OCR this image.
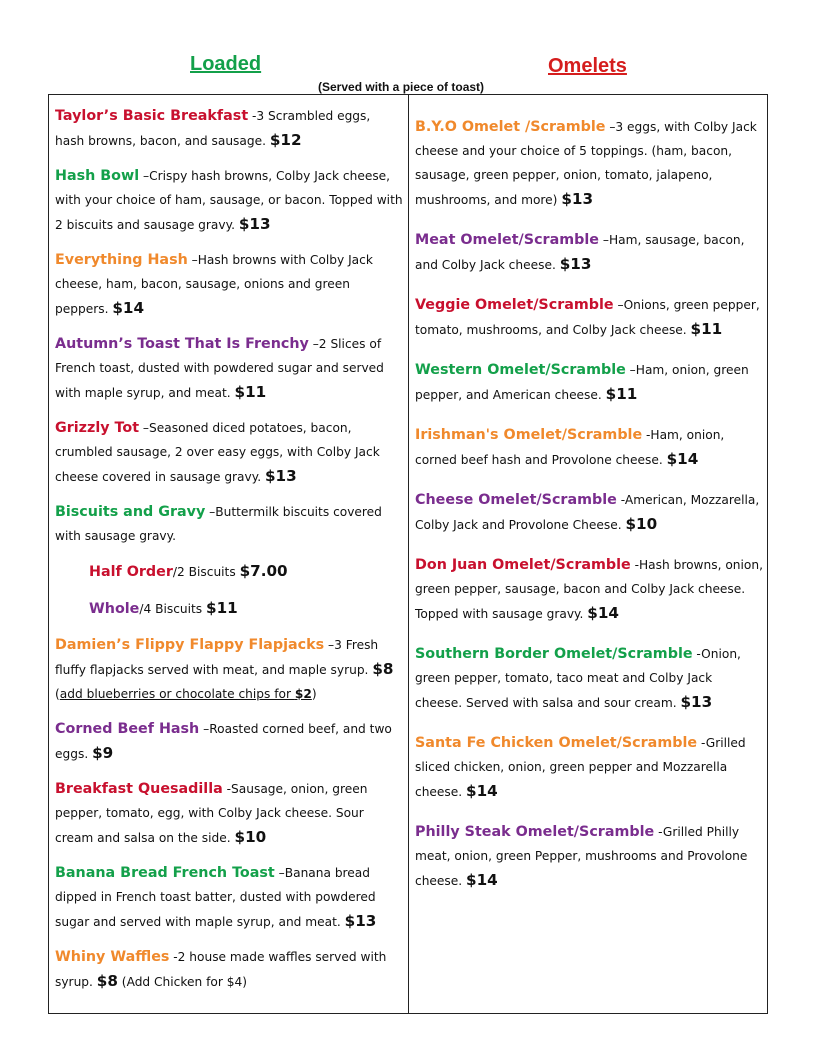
Loaded	Omelets
(Served with a piece of toast)

Taylor’s Basic Breakfast -3 Scrambled eggs, hash browns, bacon, and sausage. $12

Hash Bowl –Crispy hash browns, Colby Jack cheese, with your choice of ham, sausage, or bacon. Topped with 2 biscuits and sausage gravy. $13

Everything Hash –Hash browns with Colby Jack cheese, ham, bacon, sausage, onions and green peppers. $14

Autumn’s Toast That Is Frenchy –2 Slices of French toast, dusted with powdered sugar and served with maple syrup, and meat. $11

Grizzly Tot –Seasoned diced potatoes, bacon, crumbled sausage, 2 over easy eggs, with Colby Jack cheese covered in sausage gravy. $13

Biscuits and Gravy –Buttermilk biscuits covered with sausage gravy.

Half Order/2 Biscuits $7.00

Whole/4 Biscuits $11

Damien’s Flippy Flappy Flapjacks –3 Fresh fluffy flapjacks served with meat, and maple syrup. $8 (add blueberries or chocolate chips for $2)

Corned Beef Hash –Roasted corned beef, and two eggs. $9

Breakfast Quesadilla -Sausage, onion, green pepper, tomato, egg, with Colby Jack cheese. Sour cream and salsa on the side. $10

Banana Bread French Toast –Banana bread dipped in French toast batter, dusted with powdered sugar and served with maple syrup, and meat. $13

Whiny Waffles -2 house made waffles served with syrup. $8 (Add Chicken for $4)

B.Y.O Omelet /Scramble –3 eggs, with Colby Jack cheese and your choice of 5 toppings. (ham, bacon, sausage, green pepper, onion, tomato, jalapeno, mushrooms, and more) $13

Meat Omelet/Scramble –Ham, sausage, bacon, and Colby Jack cheese. $13

Veggie Omelet/Scramble –Onions, green pepper, tomato, mushrooms, and Colby Jack cheese. $11

Western Omelet/Scramble –Ham, onion, green pepper, and American cheese. $11

Irishman's Omelet/Scramble -Ham, onion, corned beef hash and Provolone cheese. $14

Cheese Omelet/Scramble -American, Mozzarella, Colby Jack and Provolone Cheese. $10

Don Juan Omelet/Scramble -Hash browns, onion, green pepper, sausage, bacon and Colby Jack cheese. Topped with sausage gravy. $14

Southern Border Omelet/Scramble -Onion, green pepper, tomato, taco meat and Colby Jack cheese. Served with salsa and sour cream. $13

Santa Fe Chicken Omelet/Scramble -Grilled sliced chicken, onion, green pepper and Mozzarella cheese. $14

Philly Steak Omelet/Scramble -Grilled Philly meat, onion, green Pepper, mushrooms and Provolone cheese. $14
